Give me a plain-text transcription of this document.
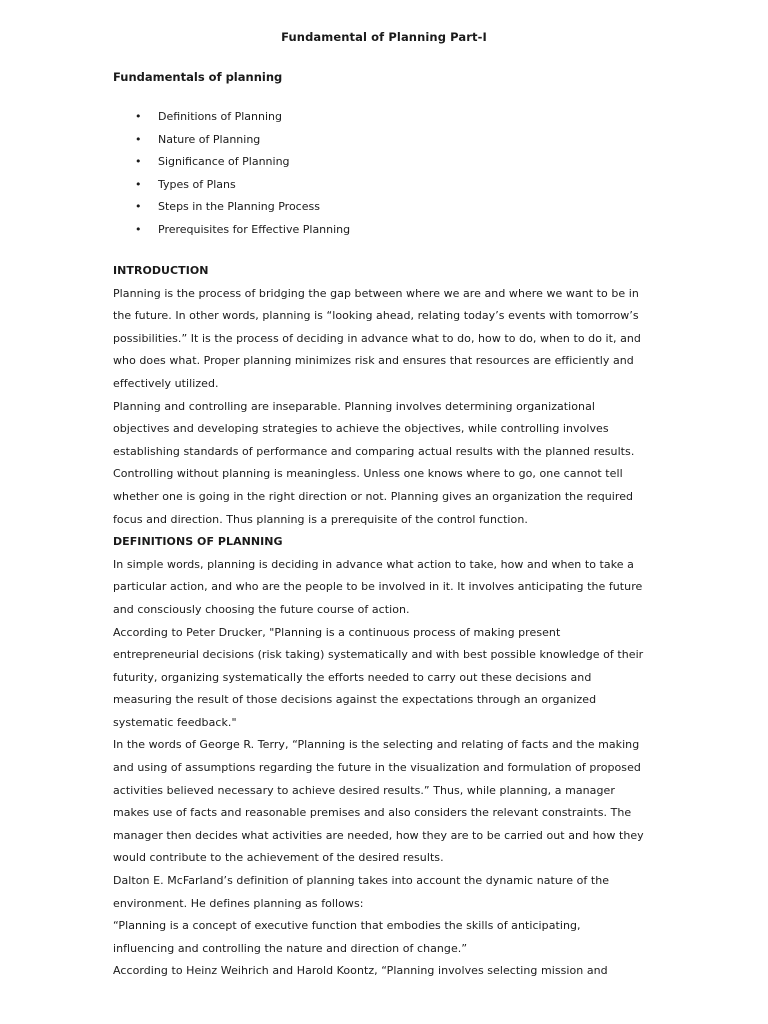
Fundamental of Planning Part-I
Fundamentals of planning
• Definitions of Planning
• Nature of Planning
• Significance of Planning
• Types of Plans
• Steps in the Planning Process
• Prerequisites for Effective Planning
INTRODUCTION
Planning is the process of bridging the gap between where we are and where we want to be in
the future. In other words, planning is “looking ahead, relating today’s events with tomorrow’s
possibilities.” It is the process of deciding in advance what to do, how to do, when to do it, and
who does what. Proper planning minimizes risk and ensures that resources are efficiently and
effectively utilized.
Planning and controlling are inseparable. Planning involves determining organizational
objectives and developing strategies to achieve the objectives, while controlling involves
establishing standards of performance and comparing actual results with the planned results.
Controlling without planning is meaningless. Unless one knows where to go, one cannot tell
whether one is going in the right direction or not. Planning gives an organization the required
focus and direction. Thus planning is a prerequisite of the control function.
DEFINITIONS OF PLANNING
In simple words, planning is deciding in advance what action to take, how and when to take a
particular action, and who are the people to be involved in it. It involves anticipating the future
and consciously choosing the future course of action.
According to Peter Drucker, "Planning is a continuous process of making present
entrepreneurial decisions (risk taking) systematically and with best possible knowledge of their
futurity, organizing systematically the efforts needed to carry out these decisions and
measuring the result of those decisions against the expectations through an organized
systematic feedback."
In the words of George R. Terry, “Planning is the selecting and relating of facts and the making
and using of assumptions regarding the future in the visualization and formulation of proposed
activities believed necessary to achieve desired results.” Thus, while planning, a manager
makes use of facts and reasonable premises and also considers the relevant constraints. The
manager then decides what activities are needed, how they are to be carried out and how they
would contribute to the achievement of the desired results.
Dalton E. McFarland’s definition of planning takes into account the dynamic nature of the
environment. He defines planning as follows:
“Planning is a concept of executive function that embodies the skills of anticipating,
influencing and controlling the nature and direction of change.”
According to Heinz Weihrich and Harold Koontz, “Planning involves selecting mission and
